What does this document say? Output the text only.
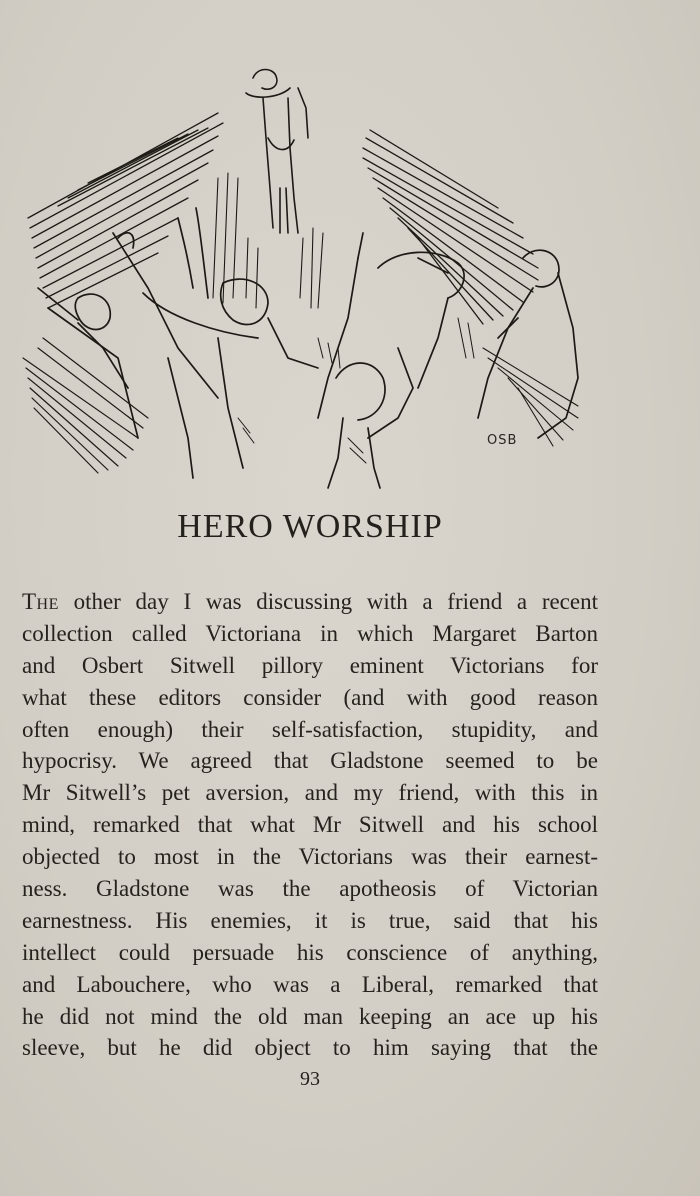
OSB
HERO WORSHIP
The other day I was discussing with a friend a recent
collection called Victoriana in which Margaret Barton
and Osbert Sitwell pillory eminent Victorians for
what these editors consider (and with good reason
often enough) their self-satisfaction, stupidity, and
hypocrisy. We agreed that Gladstone seemed to be
Mr Sitwell’s pet aversion, and my friend, with this in
mind, remarked that what Mr Sitwell and his school
objected to most in the Victorians was their earnest-
ness. Gladstone was the apotheosis of Victorian
earnestness. His enemies, it is true, said that his
intellect could persuade his conscience of anything,
and Labouchere, who was a Liberal, remarked that
he did not mind the old man keeping an ace up his
sleeve, but he did object to him saying that the
93
